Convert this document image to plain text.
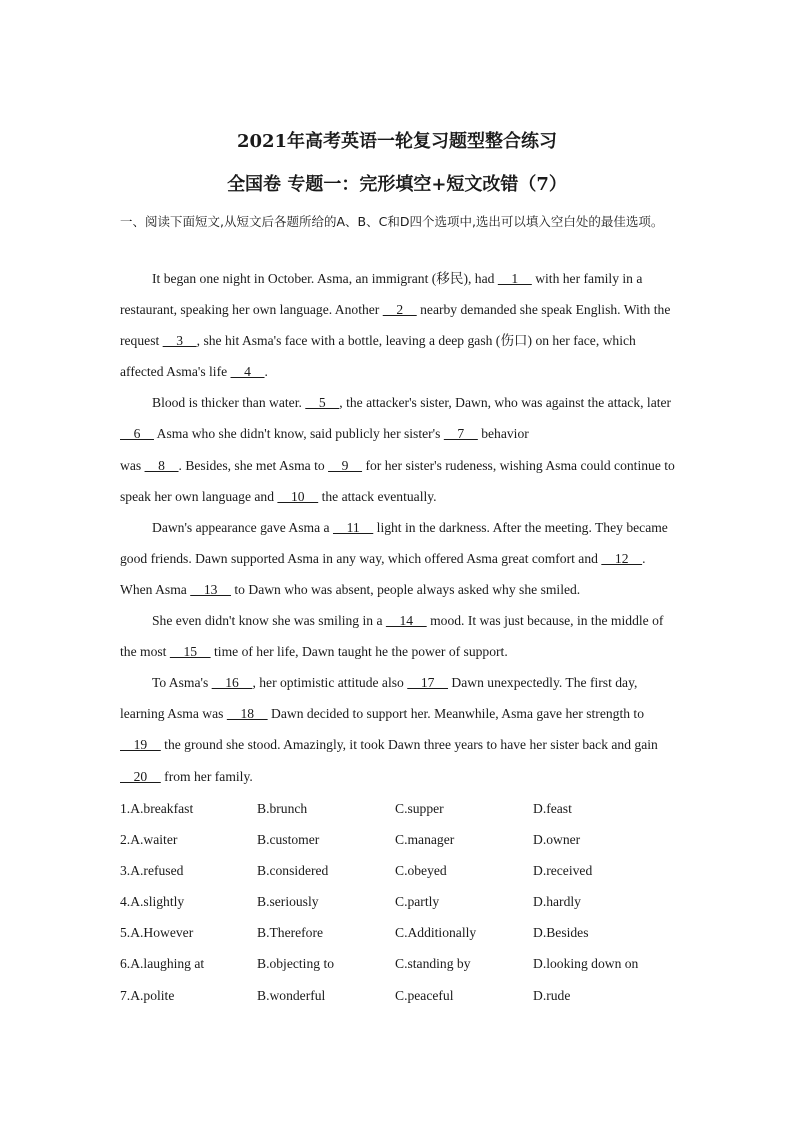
2021年高考英语一轮复习题型整合练习
全国卷 专题一：完形填空+短文改错（7）
一、阅读下面短文,从短文后各题所给的A、B、C和D四个选项中,选出可以填入空白处的最佳选项。

It began one night in October. Asma, an immigrant (移民), had     1     with her family in a restaurant, speaking her own language. Another     2     nearby demanded she speak English. With the request     3    , she hit Asma's face with a bottle, leaving a deep gash (伤口) on her face, which affected Asma's life     4    .

Blood is thicker than water.     5    , the attacker's sister, Dawn, who was against the attack, later     6     Asma who she didn't know, said publicly her sister's     7     behavior

was     8    . Besides, she met Asma to     9     for her sister's rudeness, wishing Asma could continue to speak her own language and     10     the attack eventually.

Dawn's appearance gave Asma a     11     light in the darkness. After the meeting. They became good friends. Dawn supported Asma in any way, which offered Asma great comfort and     12    . When Asma     13     to Dawn who was absent, people always asked why she smiled.

She even didn't know she was smiling in a     14     mood. It was just because, in the middle of the most     15     time of her life, Dawn taught he the power of support.

To Asma's     16    , her optimistic attitude also     17     Dawn unexpectedly. The first day, learning Asma was     18     Dawn decided to support her. Meanwhile, Asma gave her strength to     19     the ground she stood. Amazingly, it took Dawn three years to have her sister back and gain     20     from her family.

1.A.breakfast	B.brunch	C.supper	D.feast
2.A.waiter	B.customer	C.manager	D.owner
3.A.refused	B.considered	C.obeyed	D.received
4.A.slightly	B.seriously	C.partly	D.hardly
5.A.However	B.Therefore	C.Additionally	D.Besides
6.A.laughing at	B.objecting to	C.standing by	D.looking down on
7.A.polite	B.wonderful	C.peaceful	D.rude
